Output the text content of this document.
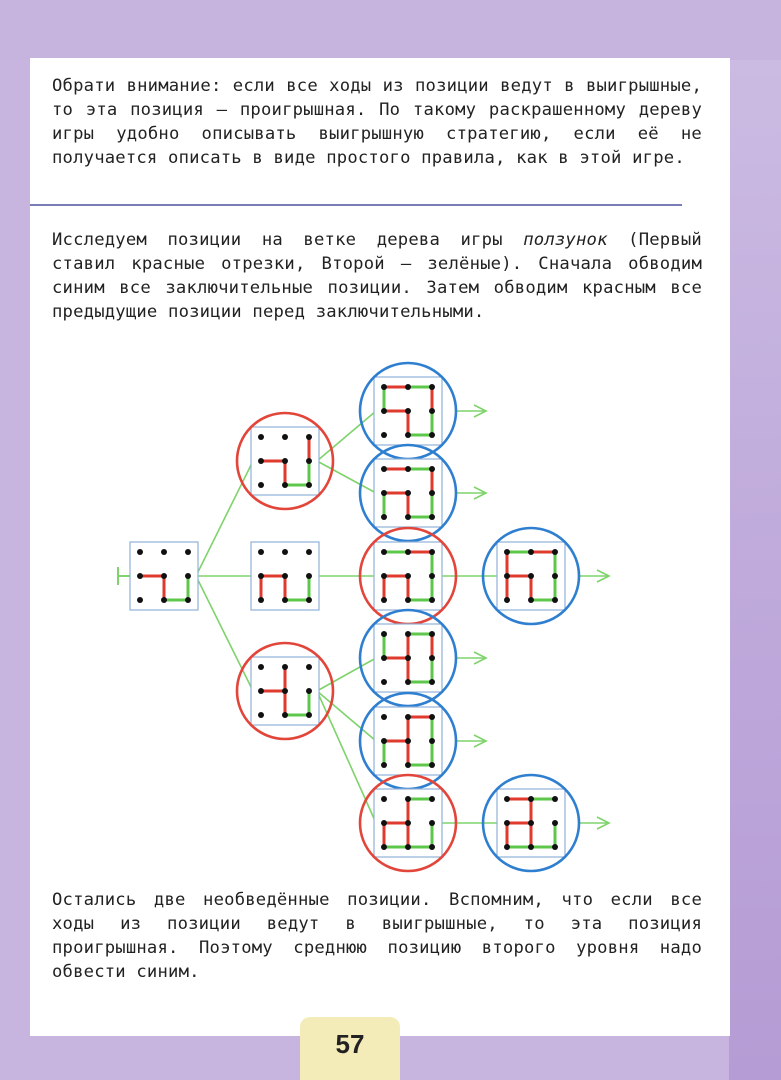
Обрати внимание: если все ходы из позиции ведут в выигрышные, то эта позиция — проигрышная. По такому раскрашенному дереву игры удобно описывать выигрышную стратегию, если её не получается описать в виде простого правила, как в этой игре.

Исследуем позиции на ветке дерева игры ползунок (Первый ставил красные отрезки, Второй — зелёные). Сначала обводим синим все заключительные позиции. Затем обводим красным все предыдущие позиции перед заключительными.

Остались две необведённые позиции. Вспомним, что если все ходы из позиции ведут в выигрышные, то эта позиция проигрышная. Поэтому среднюю позицию второго уровня надо обвести синим.

57
